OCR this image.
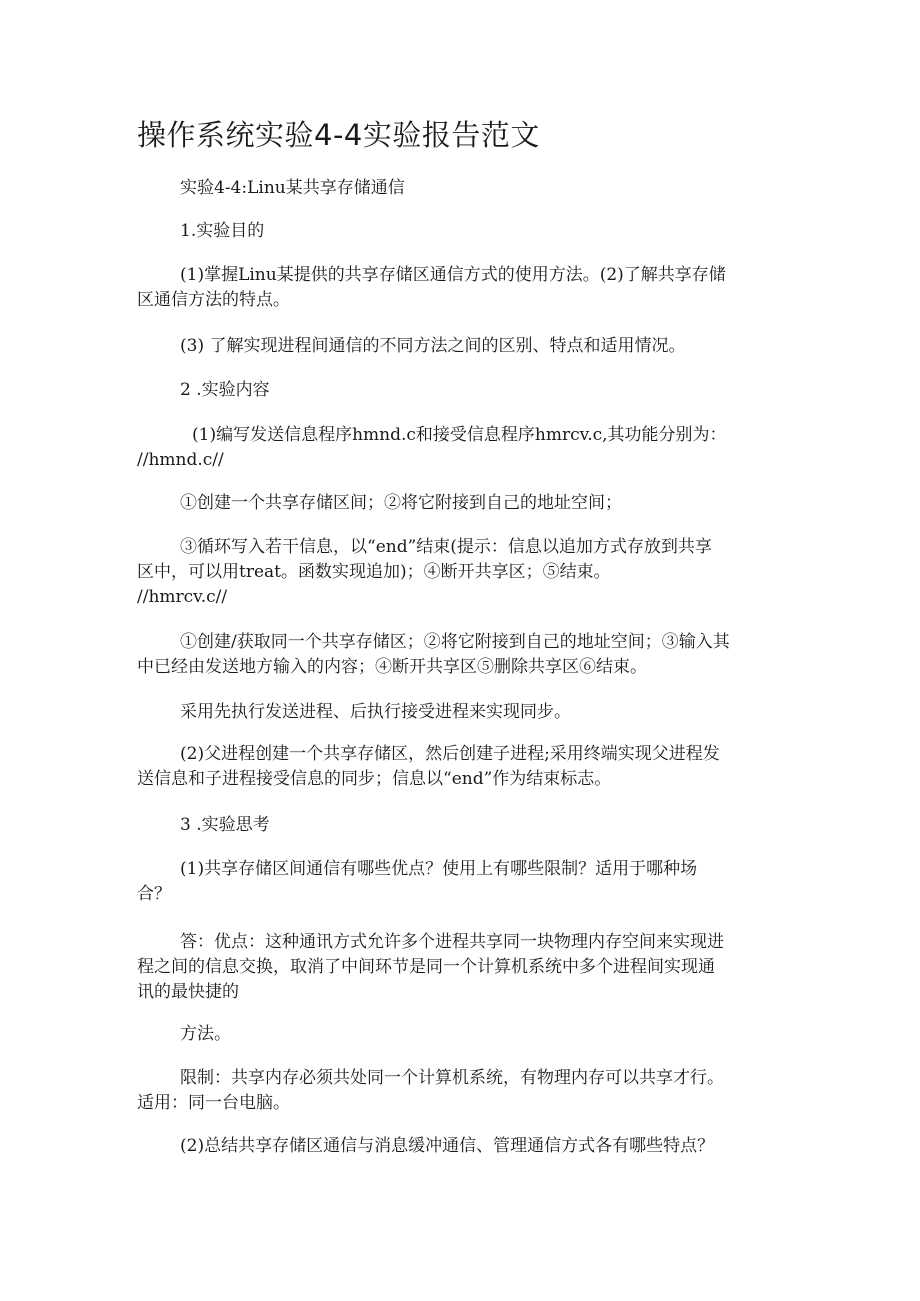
操作系统实验4-4实验报告范文
实验4-4:Linu某共享存储通信
1.实验目的
(1)掌握Linu某提供的共享存储区通信方式的使用方法。(2)了解共享存储
区通信方法的特点。
(3) 了解实现进程间通信的不同方法之间的区别、特点和适用情况。
2 .实验内容
(1)编写发送信息程序hmnd.c和接受信息程序hmrcv.c,其功能分别为：
//hmnd.c//
①创建一个共享存储区间；②将它附接到自己的地址空间；
③循环写入若干信息，以“end”结束(提示：信息以追加方式存放到共享
区中，可以用treat。函数实现追加)；④断开共享区；⑤结束。
//hmrcv.c//
①创建/获取同一个共享存储区；②将它附接到自己的地址空间；③输入其
中已经由发送地方输入的内容；④断开共享区⑤删除共享区⑥结束。
采用先执行发送进程、后执行接受进程来实现同步。
(2)父进程创建一个共享存储区，然后创建子进程;采用终端实现父进程发
送信息和子进程接受信息的同步；信息以“end”作为结束标志。
3 .实验思考
(1)共享存储区间通信有哪些优点？使用上有哪些限制？适用于哪种场
合？
答：优点：这种通讯方式允许多个进程共享同一块物理内存空间来实现进
程之间的信息交换，取消了中间环节是同一个计算机系统中多个进程间实现通
讯的最快捷的
方法。
限制：共享内存必须共处同一个计算机系统，有物理内存可以共享才行。
适用：同一台电脑。
(2)总结共享存储区通信与消息缓冲通信、管理通信方式各有哪些特点？
